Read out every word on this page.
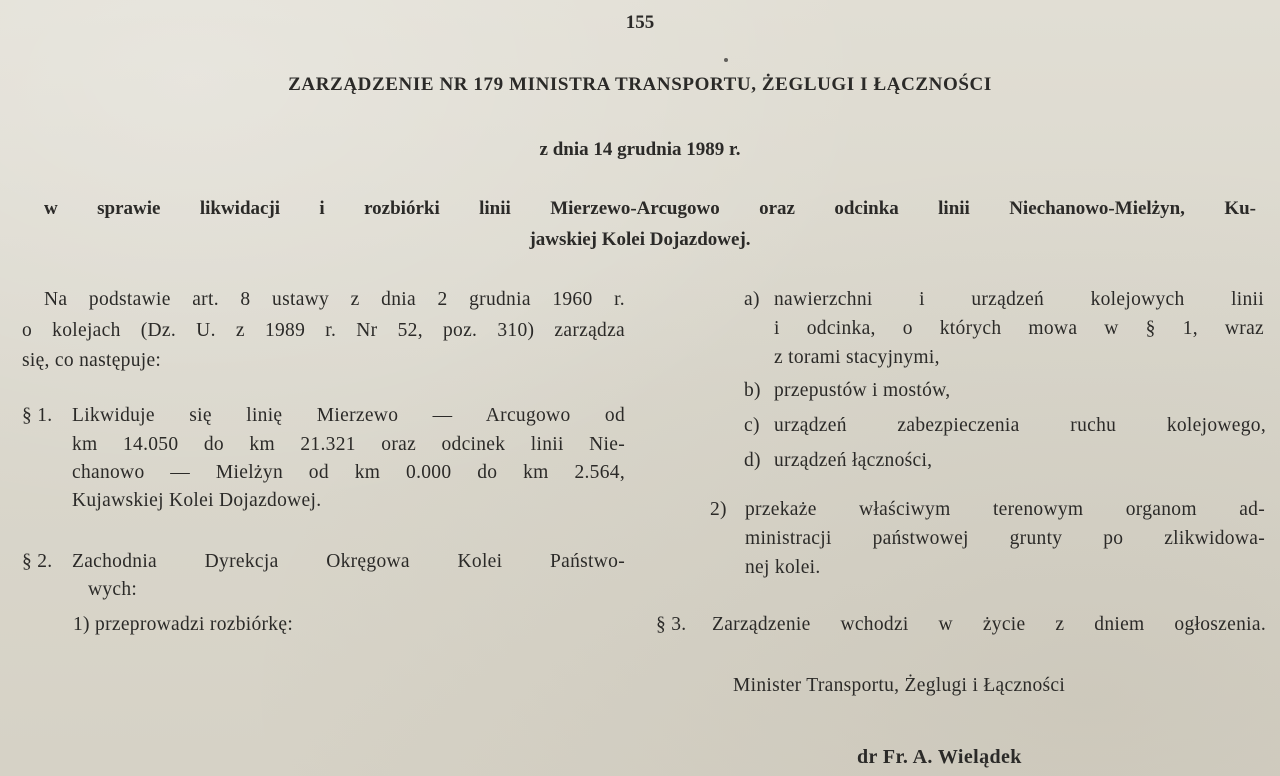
155
ZARZĄDZENIE NR 179 MINISTRA TRANSPORTU, ŻEGLUGI I ŁĄCZNOŚCI
z dnia 14 grudnia 1989 r.
w sprawie likwidacji i rozbiórki linii Mierzewo-Arcugowo oraz odcinka linii Niechanowo-Mielżyn, Ku-
jawskiej Kolei Dojazdowej.
Na podstawie art. 8 ustawy z dnia 2 grudnia 1960 r.
o kolejach (Dz. U. z 1989 r. Nr 52, poz. 310) zarządza
się, co następuje:
§ 1. Likwiduje się linię Mierzewo — Arcugowo od
km 14.050 do km 21.321 oraz odcinek linii Nie-
chanowo — Mielżyn od km 0.000 do km 2.564,
Kujawskiej Kolei Dojazdowej.
§ 2. Zachodnia Dyrekcja Okręgowa Kolei Państwo-
wych:
1) przeprowadzi rozbiórkę:
a) nawierzchni i urządzeń kolejowych linii
i odcinka, o których mowa w § 1, wraz
z torami stacyjnymi,
b) przepustów i mostów,
c) urządzeń zabezpieczenia ruchu kolejowego,
d) urządzeń łączności,
2) przekaże właściwym terenowym organom ad-
ministracji państwowej grunty po zlikwidowa-
nej kolei.
§ 3. Zarządzenie wchodzi w życie z dniem ogłoszenia.
Minister Transportu, Żeglugi i Łączności
dr Fr. A. Wielądek
